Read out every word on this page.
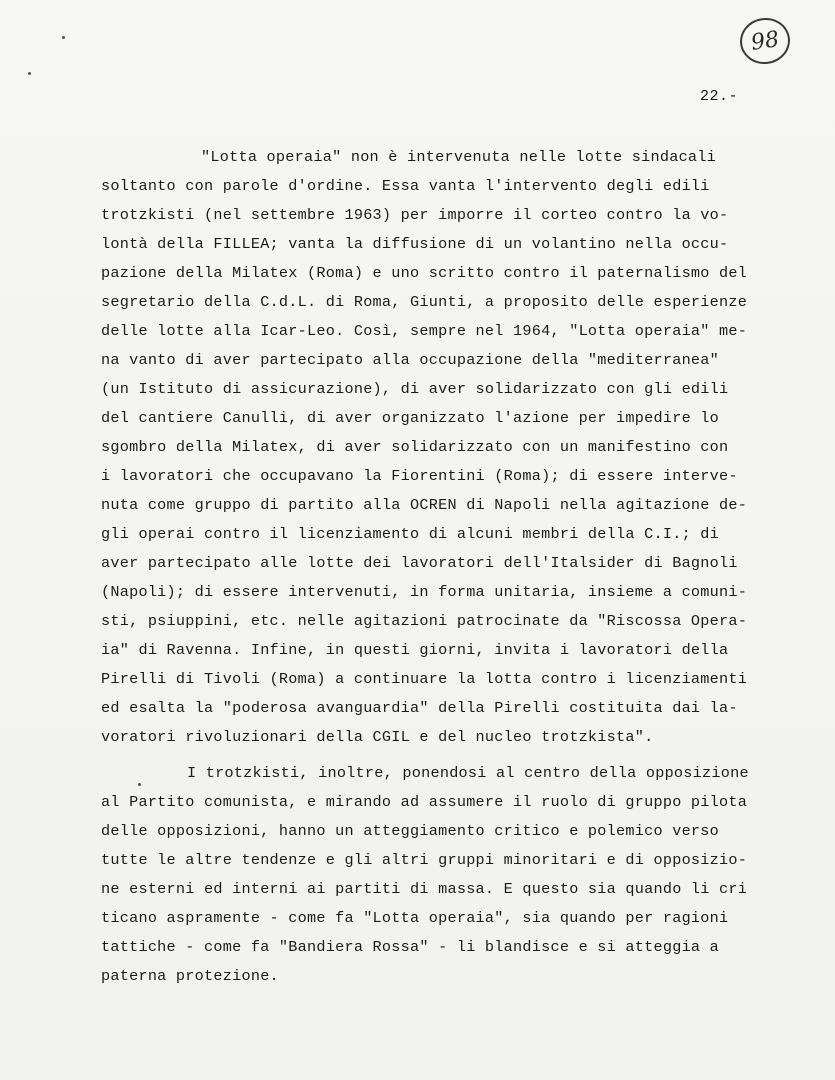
98
22.-
"Lotta operaia" non è intervenuta nelle lotte sindacali
soltanto con parole d'ordine. Essa vanta l'intervento degli edili
trotzkisti (nel settembre 1963) per imporre il corteo contro la vo-
lontà della FILLEA; vanta la diffusione di un volantino nella occu-
pazione della Milatex (Roma) e uno scritto contro il paternalismo del
segretario della C.d.L. di Roma, Giunti, a proposito delle esperienze
delle lotte alla Icar-Leo. Così, sempre nel 1964, "Lotta operaia" me-
na vanto di aver partecipato alla occupazione della "mediterranea"
(un Istituto di assicurazione), di aver solidarizzato con gli edili
del cantiere Canulli, di aver organizzato l'azione per impedire lo
sgombro della Milatex, di aver solidarizzato con un manifestino con
i lavoratori che occupavano la Fiorentini (Roma); di essere interve-
nuta come gruppo di partito alla OCREN di Napoli nella agitazione de-
gli operai contro il licenziamento di alcuni membri della C.I.; di
aver partecipato alle lotte dei lavoratori dell'Italsider di Bagnoli
(Napoli); di essere intervenuti, in forma unitaria, insieme a comuni-
sti, psiuppini, etc. nelle agitazioni patrocinate da "Riscossa Opera-
ia" di Ravenna. Infine, in questi giorni, invita i lavoratori della
Pirelli di Tivoli (Roma) a continuare la lotta contro i licenziamenti
ed esalta la "poderosa avanguardia" della Pirelli costituita dai la-
voratori rivoluzionari della CGIL e del nucleo trotzkista".
I trotzkisti, inoltre, ponendosi al centro della opposizione
al Partito comunista, e mirando ad assumere il ruolo di gruppo pilota
delle opposizioni, hanno un atteggiamento critico e polemico verso
tutte le altre tendenze e gli altri gruppi minoritari e di opposizio-
ne esterni ed interni ai partiti di massa. E questo sia quando li cri
ticano aspramente - come fa "Lotta operaia", sia quando per ragioni
tattiche - come fa "Bandiera Rossa" - li blandisce e si atteggia a
paterna protezione.
